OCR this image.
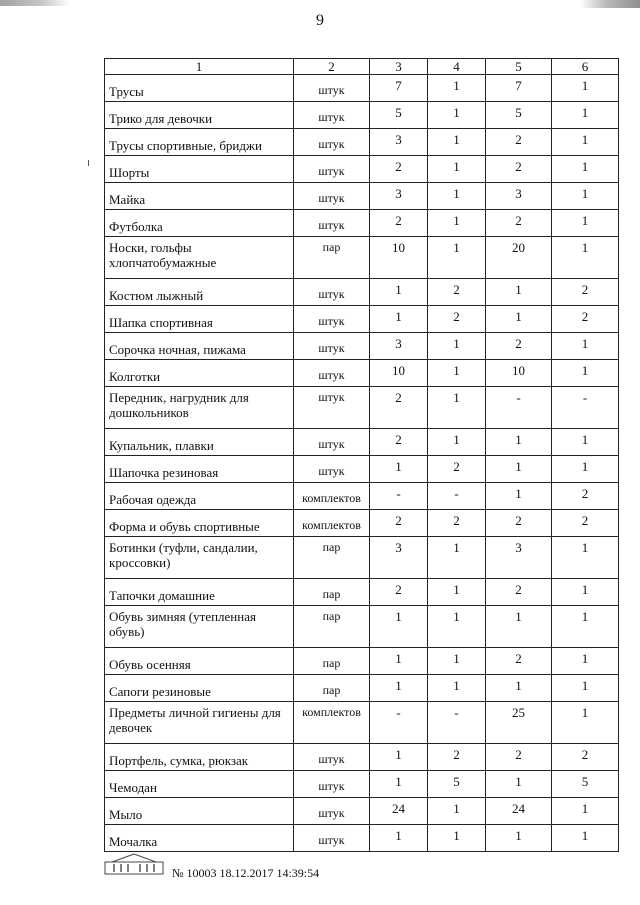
9
1	2	3	4	5	6
Трусы	штук	7	1	7	1
Трико для девочки	штук	5	1	5	1
Трусы спортивные, бриджи	штук	3	1	2	1
Шорты	штук	2	1	2	1
Майка	штук	3	1	3	1
Футболка	штук	2	1	2	1
Носки, гольфы хлопчатобумажные	пар	10	1	20	1
Костюм лыжный	штук	1	2	1	2
Шапка спортивная	штук	1	2	1	2
Сорочка ночная, пижама	штук	3	1	2	1
Колготки	штук	10	1	10	1
Передник, нагрудник для дошкольников	штук	2	1	-	-
Купальник, плавки	штук	2	1	1	1
Шапочка резиновая	штук	1	2	1	1
Рабочая одежда	комплектов	-	-	1	2
Форма и обувь спортивные	комплектов	2	2	2	2
Ботинки (туфли, сандалии, кроссовки)	пар	3	1	3	1
Тапочки домашние	пар	2	1	2	1
Обувь зимняя (утепленная обувь)	пар	1	1	1	1
Обувь осенняя	пар	1	1	2	1
Сапоги резиновые	пар	1	1	1	1
Предметы личной гигиены для девочек	комплектов	-	-	25	1
Портфель, сумка, рюкзак	штук	1	2	2	2
Чемодан	штук	1	5	1	5
Мыло	штук	24	1	24	1
Мочалка	штук	1	1	1	1
№ 10003 18.12.2017 14:39:54
